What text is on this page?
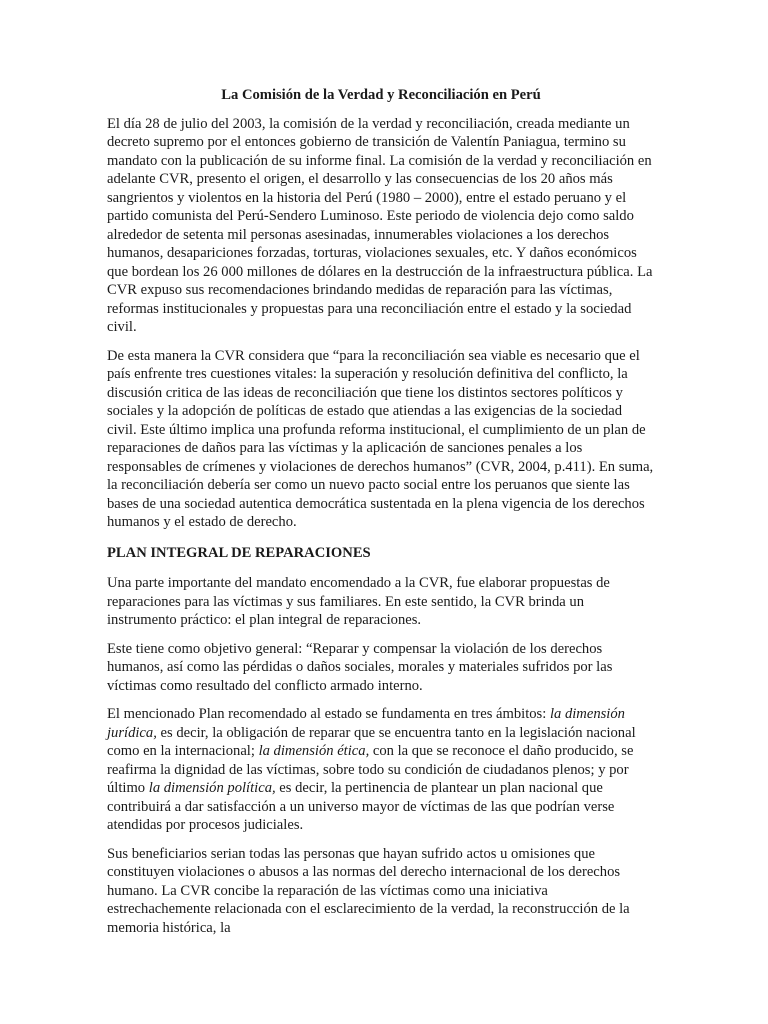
La Comisión de la Verdad y Reconciliación en Perú

El día 28 de julio del 2003, la comisión de la verdad y reconciliación, creada mediante un decreto supremo por el entonces gobierno de transición de Valentín Paniagua, termino su mandato con la publicación de su informe final. La comisión de la verdad y reconciliación en adelante CVR, presento el origen, el desarrollo y las consecuencias de los 20 años más sangrientos y violentos en la historia del Perú (1980 – 2000), entre el estado peruano y el partido comunista del Perú-Sendero Luminoso. Este periodo de violencia dejo como saldo alrededor de setenta mil personas asesinadas, innumerables violaciones a los derechos humanos, desapariciones forzadas, torturas, violaciones sexuales, etc. Y daños económicos que bordean los 26 000 millones de dólares en la destrucción de la infraestructura pública. La CVR expuso sus recomendaciones brindando medidas de reparación para las víctimas, reformas institucionales y propuestas para una reconciliación entre el estado y la sociedad civil.

De esta manera la CVR considera que “para la reconciliación sea viable es necesario que el país enfrente tres cuestiones vitales: la superación y resolución definitiva del conflicto, la discusión critica de las ideas de reconciliación que tiene los distintos sectores políticos y sociales y la adopción de políticas de estado que atiendas a las exigencias de la sociedad civil. Este último implica una profunda reforma institucional, el cumplimiento de un plan de reparaciones de daños para las víctimas y la aplicación de sanciones penales a los responsables de crímenes y violaciones de derechos humanos” (CVR, 2004, p.411). En suma, la reconciliación debería ser como un nuevo pacto social entre los peruanos que siente las bases de una sociedad autentica democrática sustentada en la plena vigencia de los derechos humanos y el estado de derecho.

PLAN INTEGRAL DE REPARACIONES

Una parte importante del mandato encomendado a la CVR, fue elaborar propuestas de reparaciones para las víctimas y sus familiares. En este sentido, la CVR brinda un instrumento práctico: el plan integral de reparaciones.

Este tiene como objetivo general: “Reparar y compensar la violación de los derechos humanos, así como las pérdidas o daños sociales, morales y materiales sufridos por las víctimas como resultado del conflicto armado interno.

El mencionado Plan recomendado al estado se fundamenta en tres ámbitos: la dimensión jurídica, es decir, la obligación de reparar que se encuentra tanto en la legislación nacional como en la internacional; la dimensión ética, con la que se reconoce el daño producido, se reafirma la dignidad de las víctimas, sobre todo su condición de ciudadanos plenos; y por último la dimensión política, es decir, la pertinencia de plantear un plan nacional que contribuirá a dar satisfacción a un universo mayor de víctimas de las que podrían verse atendidas por procesos judiciales.

Sus beneficiarios serian todas las personas que hayan sufrido actos u omisiones que constituyen violaciones o abusos a las normas del derecho internacional de los derechos humano. La CVR concibe la reparación de las víctimas como una iniciativa estrechachemente relacionada con el esclarecimiento de la verdad, la reconstrucción de la memoria histórica, la
